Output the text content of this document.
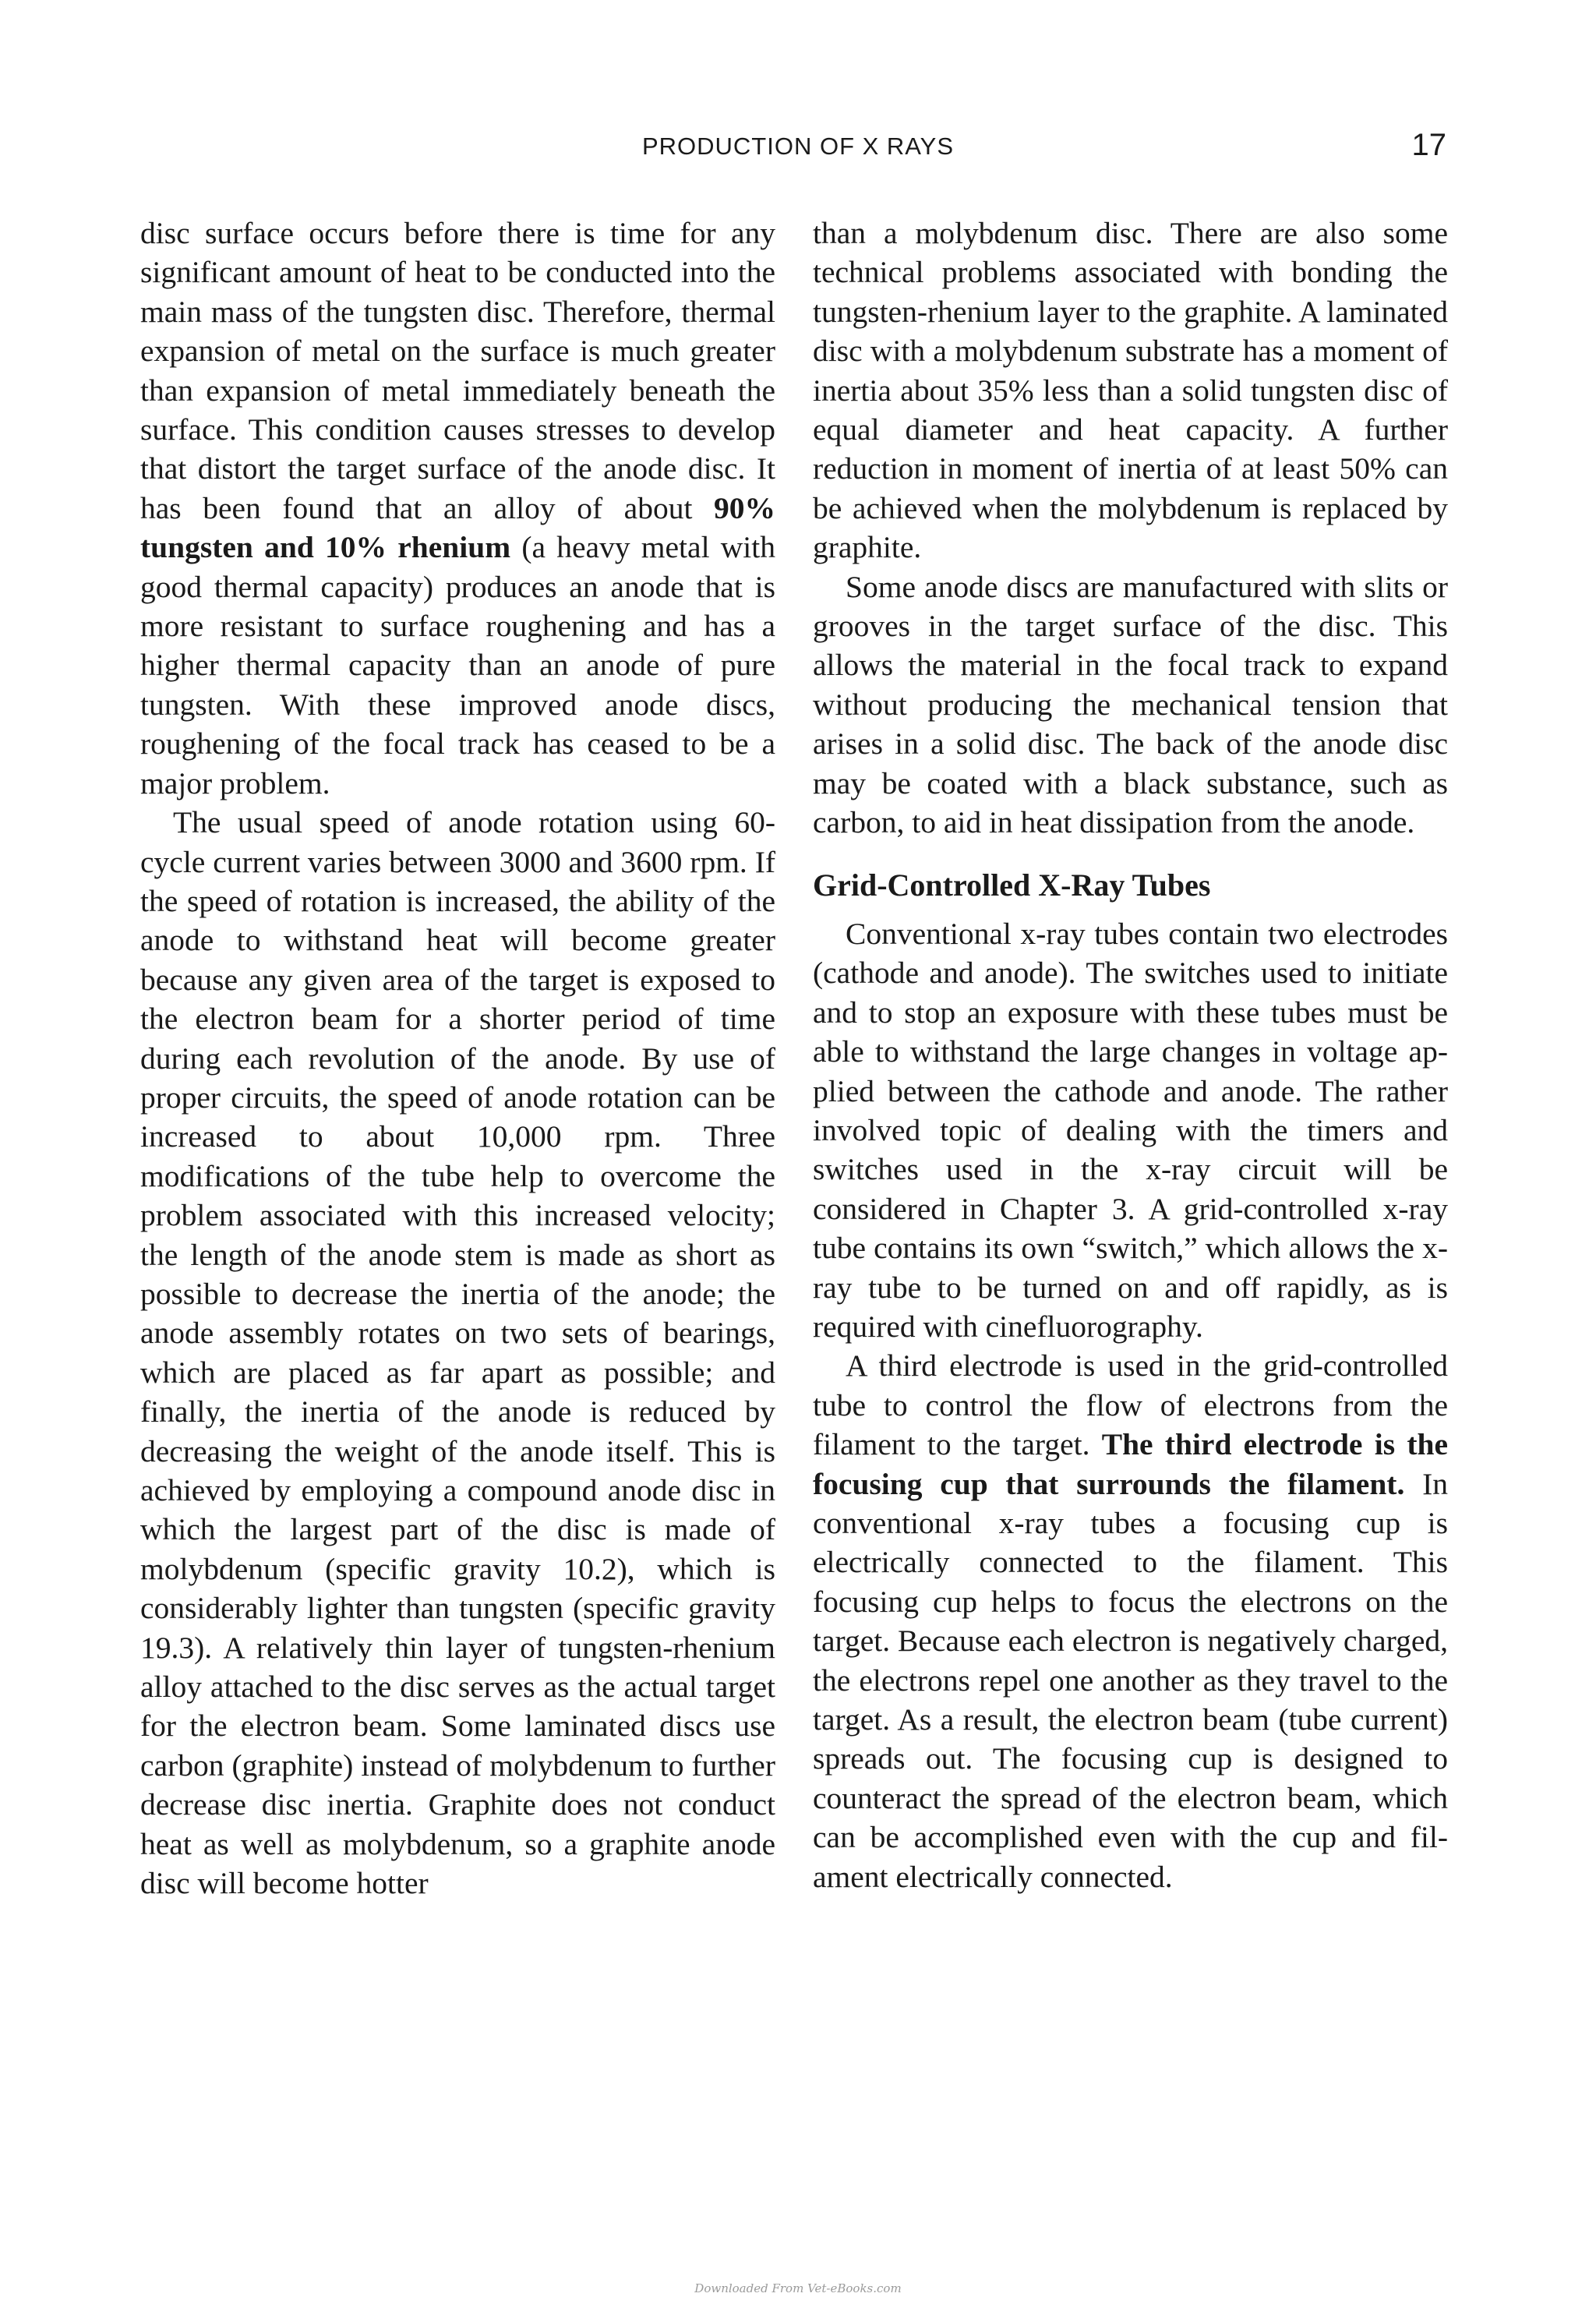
PRODUCTION OF X RAYS	17

disc surface occurs before there is time for any significant amount of heat to be conducted into the main mass of the tungsten disc. Therefore, thermal expansion of metal on the surface is much greater than expansion of metal immediately beneath the surface. This condition causes stresses to develop that distort the target surface of the anode disc. It has been found that an alloy of about 90% tungsten and 10% rhenium (a heavy metal with good thermal capacity) produces an anode that is more resistant to surface roughening and has a higher thermal capacity than an anode of pure tungsten. With these improved anode discs, roughening of the focal track has ceased to be a major problem.

The usual speed of anode rotation using 60-cycle current varies between 3000 and 3600 rpm. If the speed of rotation is increased, the ability of the anode to withstand heat will become greater because any given area of the target is exposed to the electron beam for a shorter period of time during each revolution of the anode. By use of proper circuits, the speed of anode rotation can be increased to about 10,000 rpm. Three modifications of the tube help to overcome the problem associated with this increased velocity; the length of the anode stem is made as short as possible to decrease the inertia of the anode; the anode assembly rotates on two sets of bearings, which are placed as far apart as possible; and finally, the inertia of the anode is reduced by decreasing the weight of the anode itself. This is achieved by employing a compound anode disc in which the largest part of the disc is made of molybdenum (specific gravity 10.2), which is considerably lighter than tungsten (specific gravity 19.3). A relatively thin layer of tungsten-rhenium alloy attached to the disc serves as the actual target for the electron beam. Some laminated discs use carbon (graphite) instead of molybdenum to further decrease disc inertia. Graphite does not conduct heat as well as molybdenum, so a graphite anode disc will become hotter

than a molybdenum disc. There are also some technical problems associated with bonding the tungsten-rhenium layer to the graphite. A laminated disc with a molybdenum substrate has a moment of inertia about 35% less than a solid tungsten disc of equal diameter and heat capacity. A further reduction in moment of inertia of at least 50% can be achieved when the molybdenum is replaced by graphite.

Some anode discs are manufactured with slits or grooves in the target surface of the disc. This allows the material in the focal track to expand without producing the mechanical tension that arises in a solid disc. The back of the anode disc may be coated with a black substance, such as carbon, to aid in heat dissipation from the anode.

Grid-Controlled X-Ray Tubes

Conventional x-ray tubes contain two electrodes (cathode and anode). The switches used to initiate and to stop an exposure with these tubes must be able to withstand the large changes in voltage applied between the cathode and anode. The rather involved topic of dealing with the timers and switches used in the x-ray circuit will be considered in Chapter 3. A grid-controlled x-ray tube contains its own “switch,” which allows the x-ray tube to be turned on and off rapidly, as is required with cinefluorography.

A third electrode is used in the grid-controlled tube to control the flow of electrons from the filament to the target. The third electrode is the focusing cup that surrounds the filament. In conventional x-ray tubes a focusing cup is electrically connected to the filament. This focusing cup helps to focus the electrons on the target. Because each electron is negatively charged, the electrons repel one another as they travel to the target. As a result, the electron beam (tube current) spreads out. The focusing cup is designed to counteract the spread of the electron beam, which can be accomplished even with the cup and filament electrically connected.

Downloaded From Vet-eBooks.com
